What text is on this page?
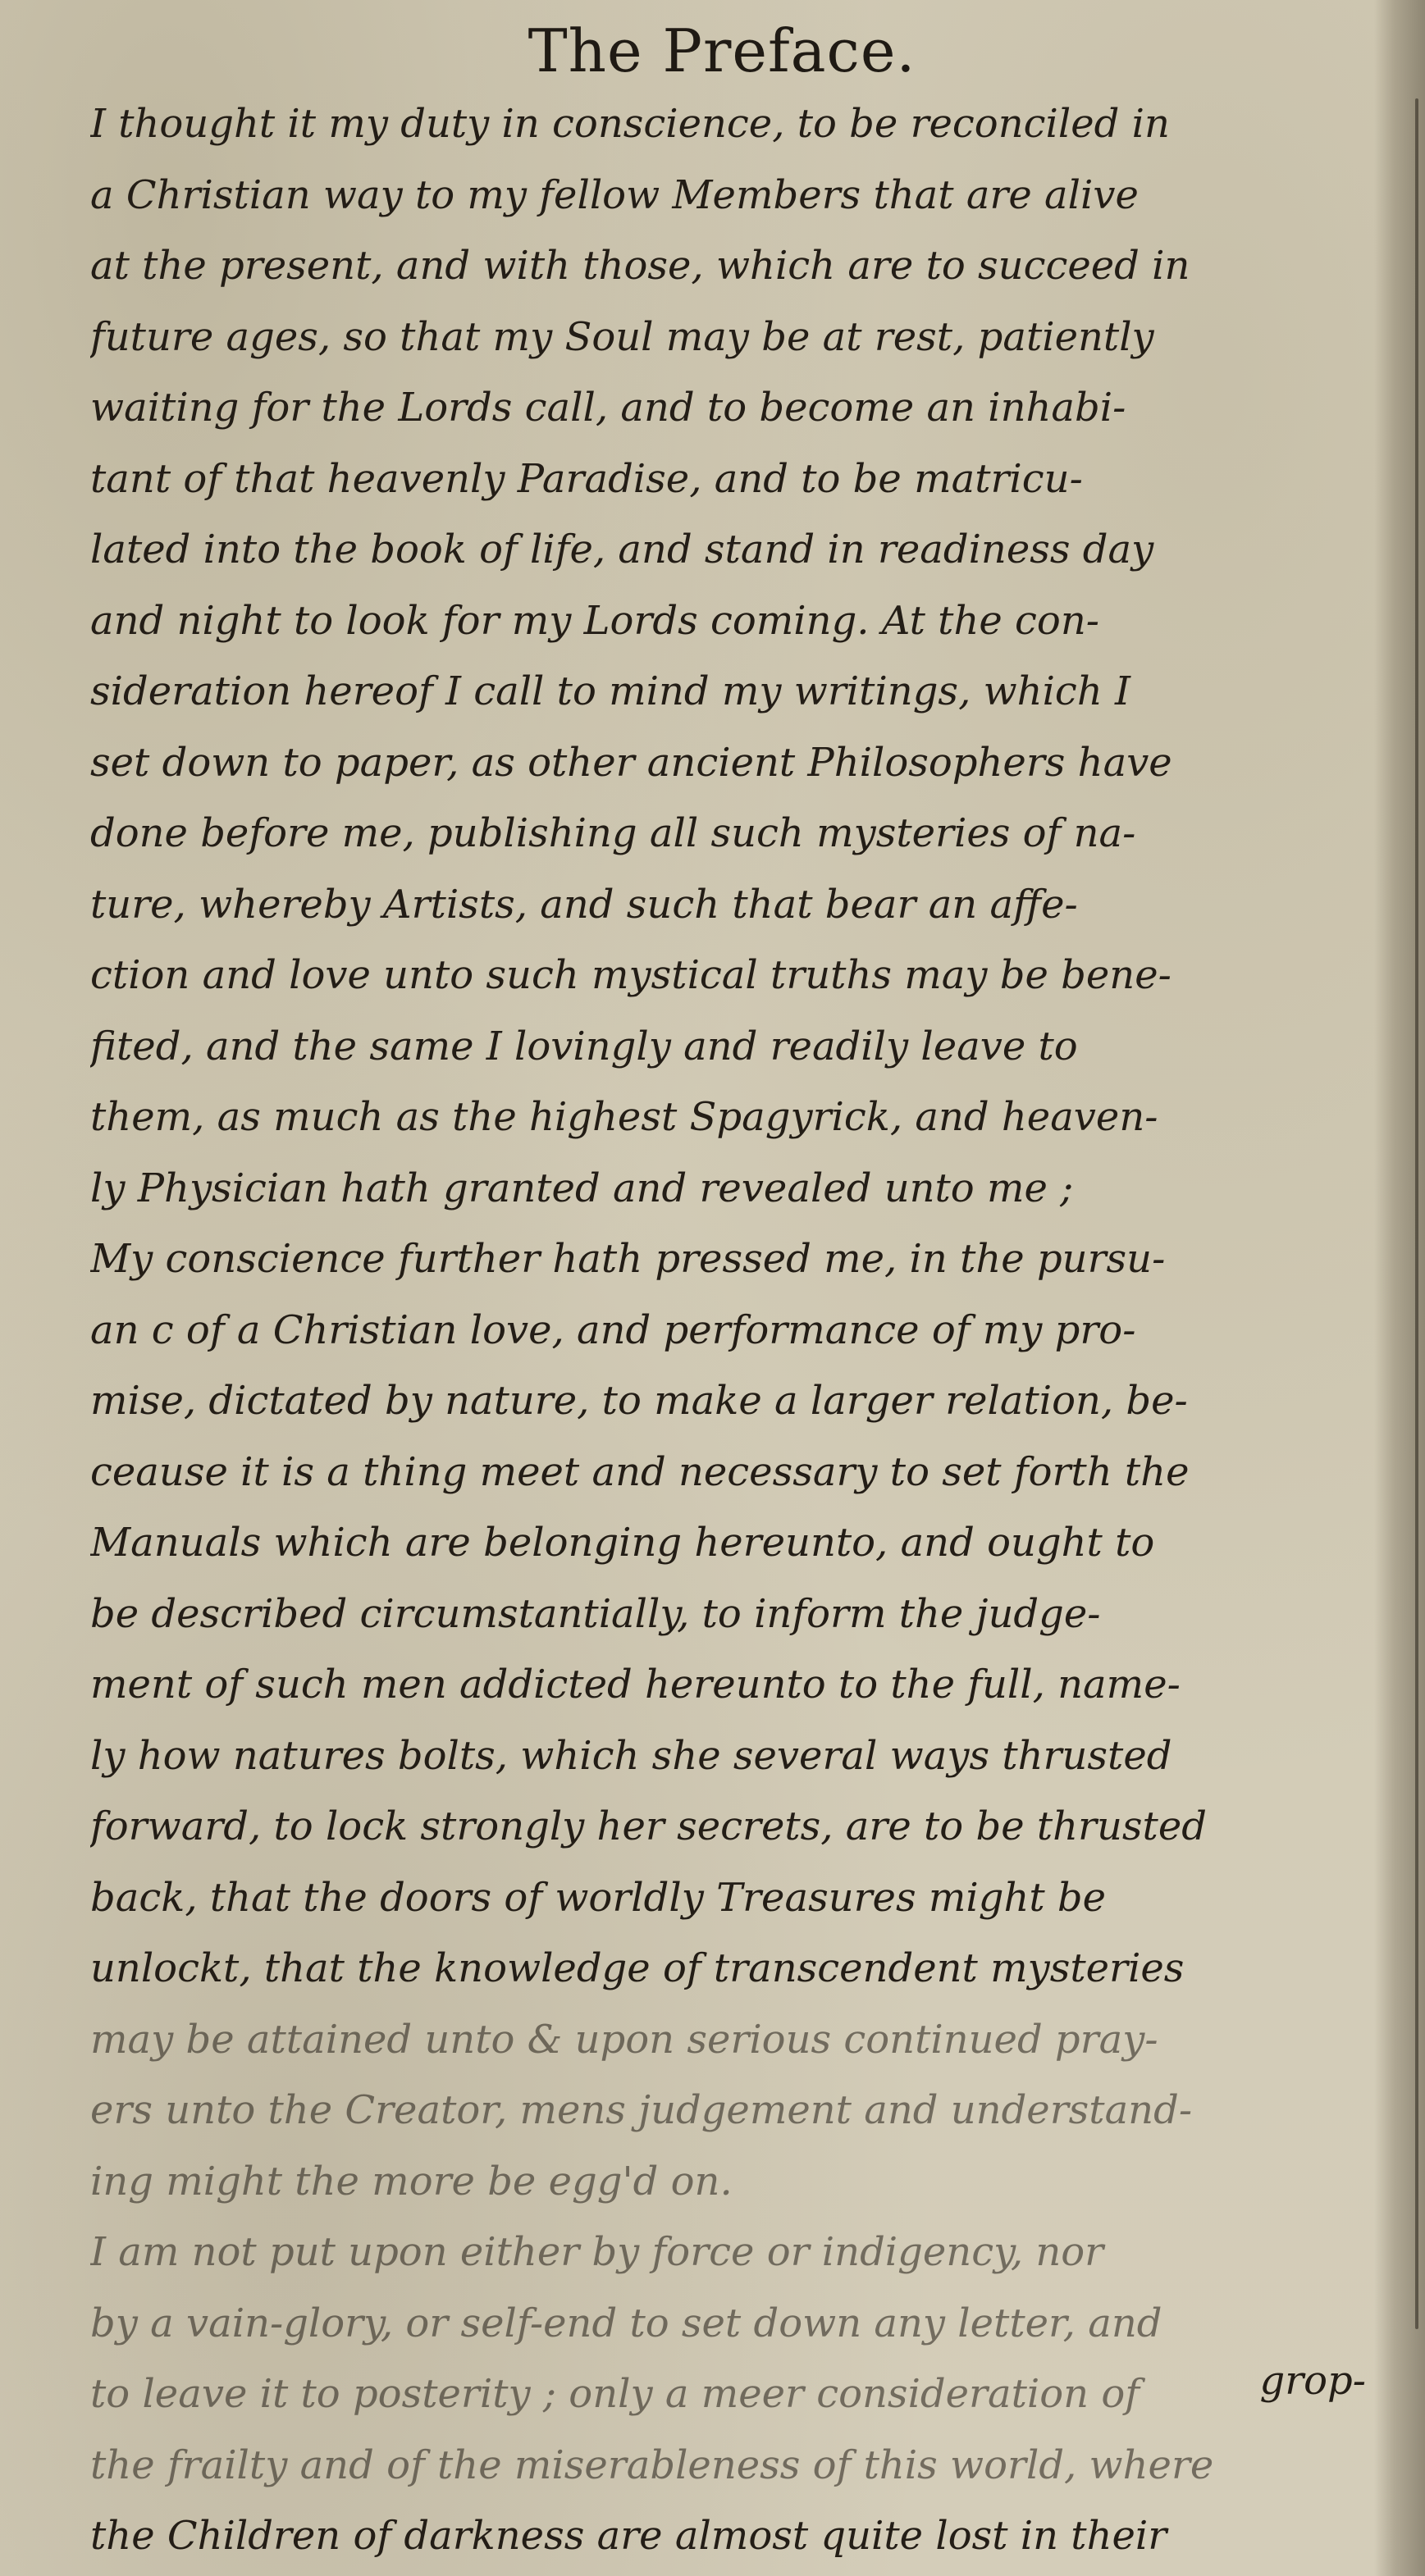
The Preface.
I thought it my duty in conscience, to be reconciled in
a Christian way to my fellow Members that are alive
at the present, and with those, which are to succeed in
future ages, so that my Soul may be at rest, patiently
waiting for the Lords call, and to become an inhabi-
tant of that heavenly Paradise, and to be matricu-
lated into the book of life, and stand in readiness day
and night to look for my Lords coming. At the con-
sideration hereof I call to mind my writings, which I
set down to paper, as other ancient Philosophers have
done before me, publishing all such mysteries of na-
ture, whereby Artists, and such that bear an affe-
ction and love unto such mystical truths may be bene-
fited, and the same I lovingly and readily leave to
them, as much as the highest Spagyrick, and heaven-
ly Physician hath granted and revealed unto me ;
My conscience further hath pressed me, in the pursu-
an c of a Christian love, and performance of my pro-
mise, dictated by nature, to make a larger relation, be-
ceause it is a thing meet and necessary to set forth the
Manuals which are belonging hereunto, and ought to
be described circumstantially, to inform the judge-
ment of such men addicted hereunto to the full, name-
ly how natures bolts, which she several ways thrusted
forward, to lock strongly her secrets, are to be thrusted
back, that the doors of worldly Treasures might be
unlockt, that the knowledge of transcendent mysteries
may be attained unto & upon serious continued pray-
ers unto the Creator, mens judgement and understand-
ing might the more be egg'd on.
I am not put upon either by force or indigency, nor
by a vain-glory, or self-end to set down any letter, and
to leave it to posterity ; only a meer consideration of
the frailty and of the miserableness of this world, where
the Children of darkness are almost quite lost in their
grop-
